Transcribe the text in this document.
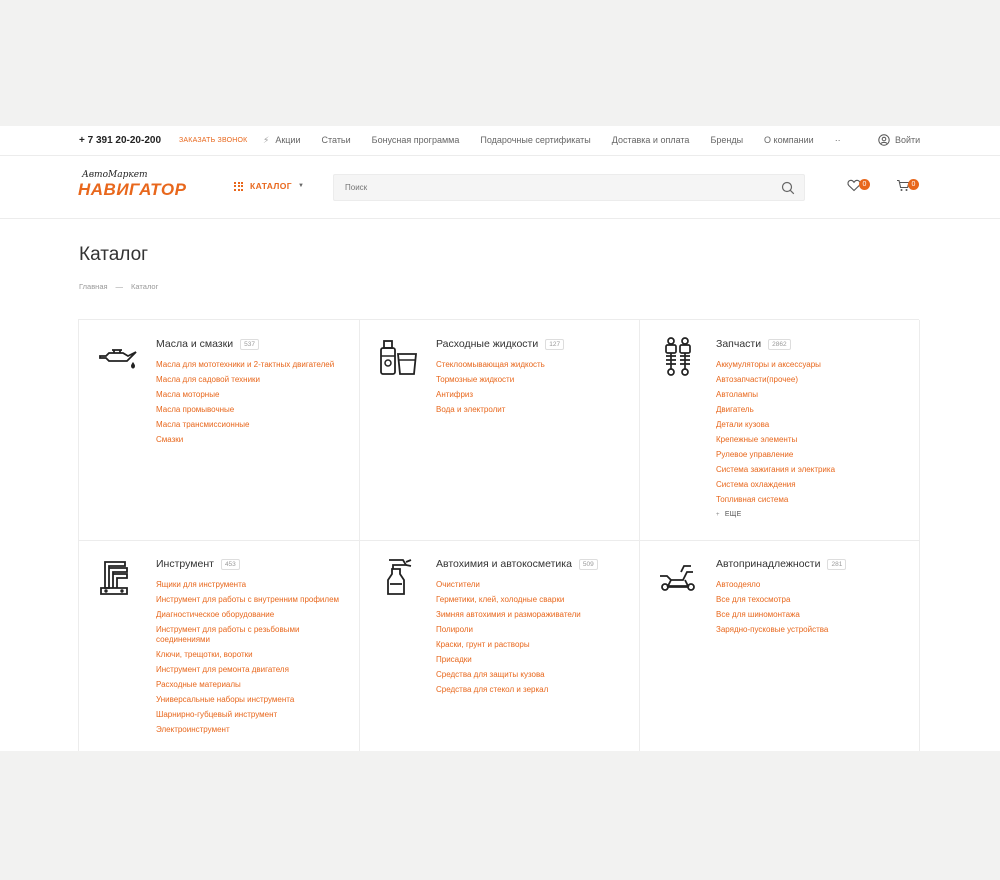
+ 7 391 20-20-200	ЗАКАЗАТЬ ЗВОНОК ⚡ Акции Статьи Бонусная программа Подарочные сертификаты Доставка и оплата Бренды О компании ··	Войти
АвтоМаркет
НАВИГАТОР	КАТАЛОГ ▼
Поиск	0	0
Каталог
Главная — Каталог
Масла и смазки	537
Масла для мототехники и 2-тактных двигателей
Масла для садовой техники
Масла моторные
Масла промывочные
Масла трансмиссионные
Смазки
Расходные жидкости	127
Стеклоомывающая жидкость
Тормозные жидкости
Антифриз
Вода и электролит
Запчасти	2862
Аккумуляторы и аксессуары
Автозапчасти(прочее)
Автолампы
Двигатель
Детали кузова
Крепежные элементы
Рулевое управление
Система зажигания и электрика
Система охлаждения
Топливная система
+ ЕЩЕ
Инструмент	453
Ящики для инструмента
Инструмент для работы с внутренним профилем
Диагностическое оборудование
Инструмент для работы с резьбовыми соединениями
Ключи, трещотки, воротки
Инструмент для ремонта двигателя
Расходные материалы
Универсальные наборы инструмента
Шарнирно-губцевый инструмент
Электроинструмент
Автохимия и автокосметика	509
Очистители
Герметики, клей, холодные сварки
Зимняя автохимия и размораживатели
Полироли
Краски, грунт и растворы
Присадки
Средства для защиты кузова
Средства для стекол и зеркал
Автопринадлежности	281
Автоодеяло
Все для техосмотра
Все для шиномонтажа
Зарядно-пусковые устройства
